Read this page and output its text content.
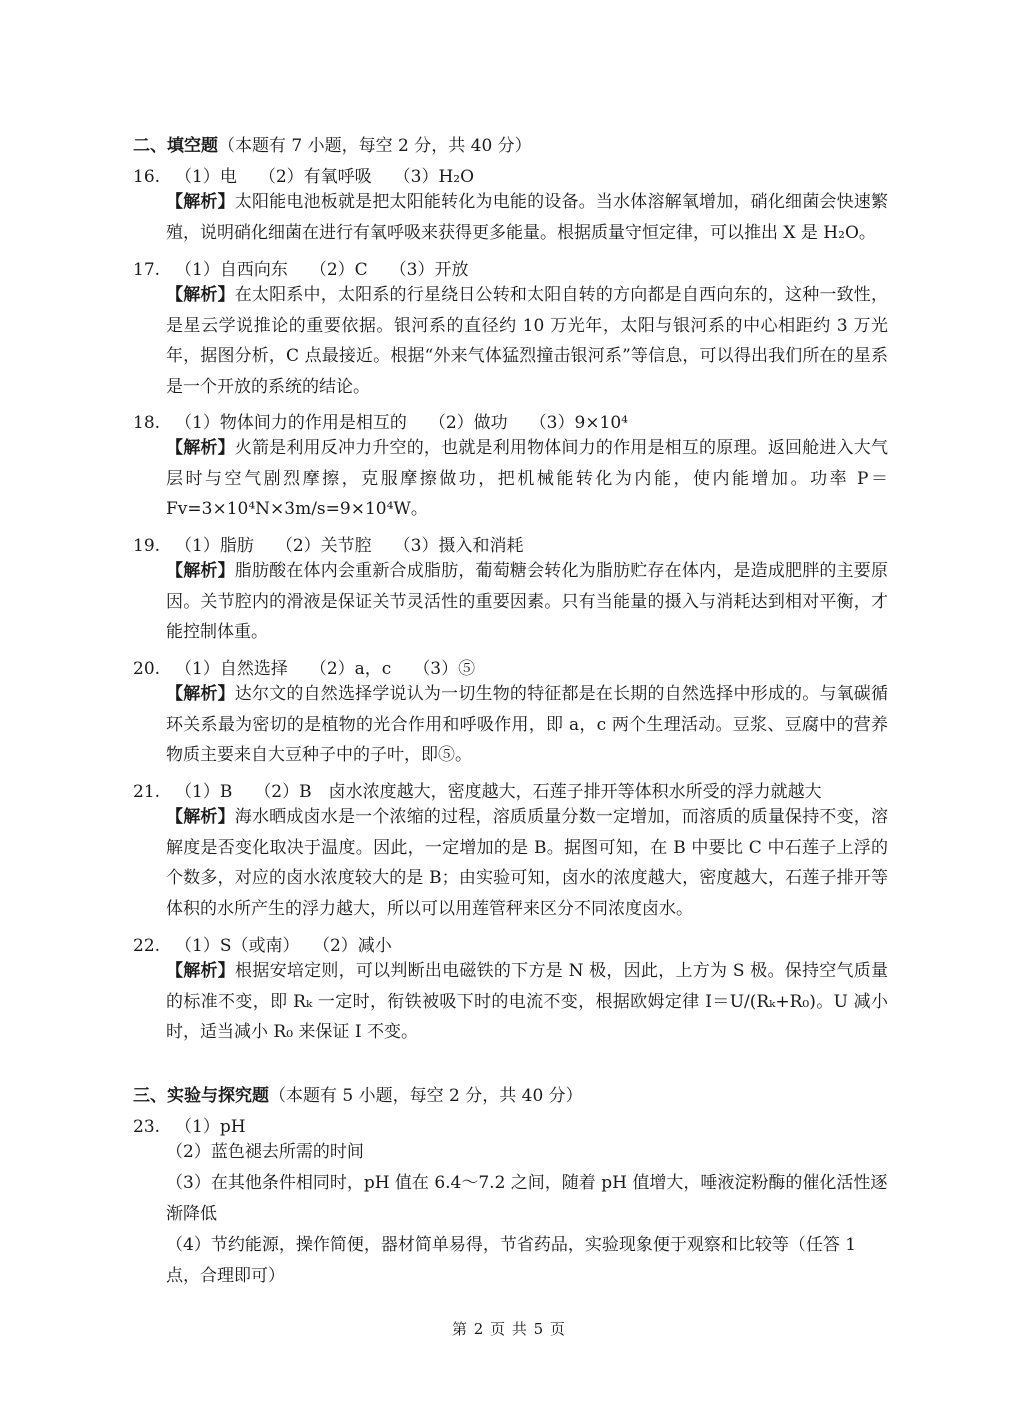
二、填空题（本题有 7 小题，每空 2 分，共 40 分）
16. （1）电 （2）有氧呼吸 （3）H₂O
【解析】太阳能电池板就是把太阳能转化为电能的设备。当水体溶解氧增加，硝化细菌会快速繁殖，说明硝化细菌在进行有氧呼吸来获得更多能量。根据质量守恒定律，可以推出 X 是 H₂O。
17. （1）自西向东 （2）C （3）开放
【解析】在太阳系中，太阳系的行星绕日公转和太阳自转的方向都是自西向东的，这种一致性，是星云学说推论的重要依据。银河系的直径约 10 万光年，太阳与银河系的中心相距约 3 万光年，据图分析，C 点最接近。根据“外来气体猛烈撞击银河系”等信息，可以得出我们所在的星系是一个开放的系统的结论。
18. （1）物体间力的作用是相互的 （2）做功 （3）9×10⁴
【解析】火箭是利用反冲力升空的，也就是利用物体间力的作用是相互的原理。返回舱进入大气层时与空气剧烈摩擦，克服摩擦做功，把机械能转化为内能，使内能增加。功率 P＝Fv=3×10⁴N×3m/s=9×10⁴W。
19. （1）脂肪 （2）关节腔 （3）摄入和消耗
【解析】脂肪酸在体内会重新合成脂肪，葡萄糖会转化为脂肪贮存在体内，是造成肥胖的主要原因。关节腔内的滑液是保证关节灵活性的重要因素。只有当能量的摄入与消耗达到相对平衡，才能控制体重。
20. （1）自然选择 （2）a，c （3）⑤
【解析】达尔文的自然选择学说认为一切生物的特征都是在长期的自然选择中形成的。与氧碳循环关系最为密切的是植物的光合作用和呼吸作用，即 a，c 两个生理活动。豆浆、豆腐中的营养物质主要来自大豆种子中的子叶，即⑤。
21. （1）B （2）B　卤水浓度越大，密度越大，石莲子排开等体积水所受的浮力就越大
【解析】海水晒成卤水是一个浓缩的过程，溶质质量分数一定增加，而溶质的质量保持不变，溶解度是否变化取决于温度。因此，一定增加的是 B。据图可知，在 B 中要比 C 中石莲子上浮的个数多，对应的卤水浓度较大的是 B；由实验可知，卤水的浓度越大，密度越大，石莲子排开等体积的水所产生的浮力越大，所以可以用莲管秤来区分不同浓度卤水。
22. （1）S（或南） （2）减小
【解析】根据安培定则，可以判断出电磁铁的下方是 N 极，因此，上方为 S 极。保持空气质量的标准不变，即 Rₖ 一定时，衔铁被吸下时的电流不变，根据欧姆定律 I＝U/(Rₖ+R₀)。U 减小时，适当减小 R₀ 来保证 I 不变。
三、实验与探究题（本题有 5 小题，每空 2 分，共 40 分）
23. （1）pH
（2）蓝色褪去所需的时间
（3）在其他条件相同时，pH 值在 6.4～7.2 之间，随着 pH 值增大，唾液淀粉酶的催化活性逐渐降低
（4）节约能源，操作简便，器材简单易得，节省药品，实验现象便于观察和比较等（任答 1 点，合理即可）
第 2 页 共 5 页
